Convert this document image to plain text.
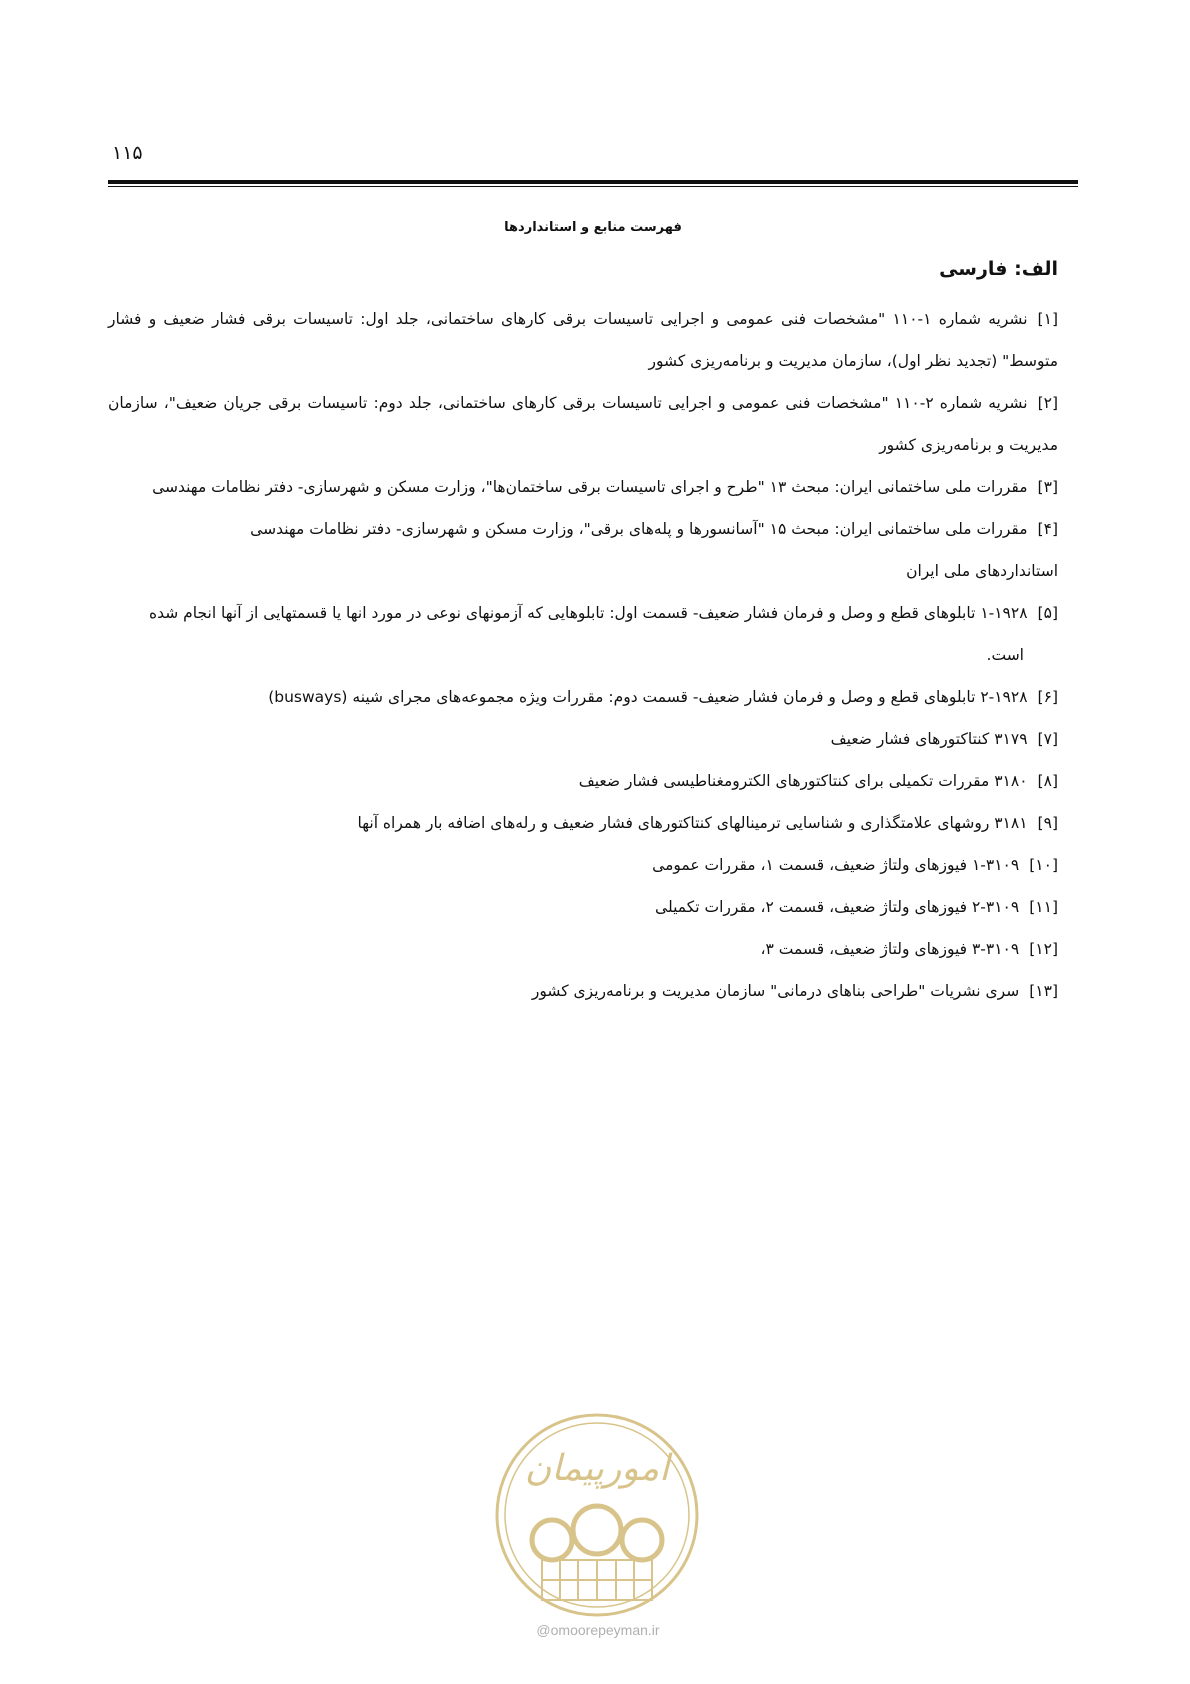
۱۱۵
فهرست منابع و استانداردها
الف: فارسی

[۱]نشریه شماره ۱-۱۱۰ "مشخصات فنی عمومی و اجرایی تاسیسات برقی کارهای ساختمانی، جلد اول: تاسیسات برقی فشار ضعیف و فشار متوسط" (تجدید نظر اول)، سازمان مدیریت و برنامه‌ریزی کشور

[۲]نشریه شماره ۲-۱۱۰ "مشخصات فنی عمومی و اجرایی تاسیسات برقی کارهای ساختمانی، جلد دوم: تاسیسات برقی جریان ضعیف"، سازمان مدیریت و برنامه‌ریزی کشور

[۳]مقررات ملی ساختمانی ایران: مبحث ۱۳ "طرح و اجرای تاسیسات برقی ساختمان‌ها"، وزارت مسکن و شهرسازی- دفتر نظامات مهندسی

[۴]مقررات ملی ساختمانی ایران: مبحث ۱۵ "آسانسورها و پله‌های برقی"، وزارت مسکن و شهرسازی- دفتر نظامات مهندسی

استانداردهای ملی ایران

[۵]۱-۱۹۲۸ تابلوهای قطع و وصل و فرمان فشار ضعیف- قسمت اول: تابلوهایی که آزمونهای نوعی در مورد انها یا قسمتهایی از آنها انجام شده است.

[۶]۲-۱۹۲۸ تابلوهای قطع و وصل و فرمان فشار ضعیف- قسمت دوم: مقررات ویژه مجموعه‌های مجرای شینه (busways)

[۷]۳۱۷۹ کنتاکتورهای فشار ضعیف

[۸]۳۱۸۰ مقررات تکمیلی برای کنتاکتورهای الکترومغناطیسی فشار ضعیف

[۹]۳۱۸۱ روشهای علامتگذاری و شناسایی ترمینالهای کنتاکتورهای فشار ضعیف و رله‌های اضافه بار همراه آنها

[۱۰]۱-۳۱۰۹ فیوزهای ولتاژ ضعیف، قسمت ۱، مقررات عمومی

[۱۱]۲-۳۱۰۹ فیوزهای ولتاژ ضعیف، قسمت ۲، مقررات تکمیلی

[۱۲]۳-۳۱۰۹ فیوزهای ولتاژ ضعیف، قسمت ۳،

[۱۳]سری نشریات "طراحی بناهای درمانی" سازمان مدیریت و برنامه‌ریزی کشور

امورپیمان
@omoorepeyman.ir
